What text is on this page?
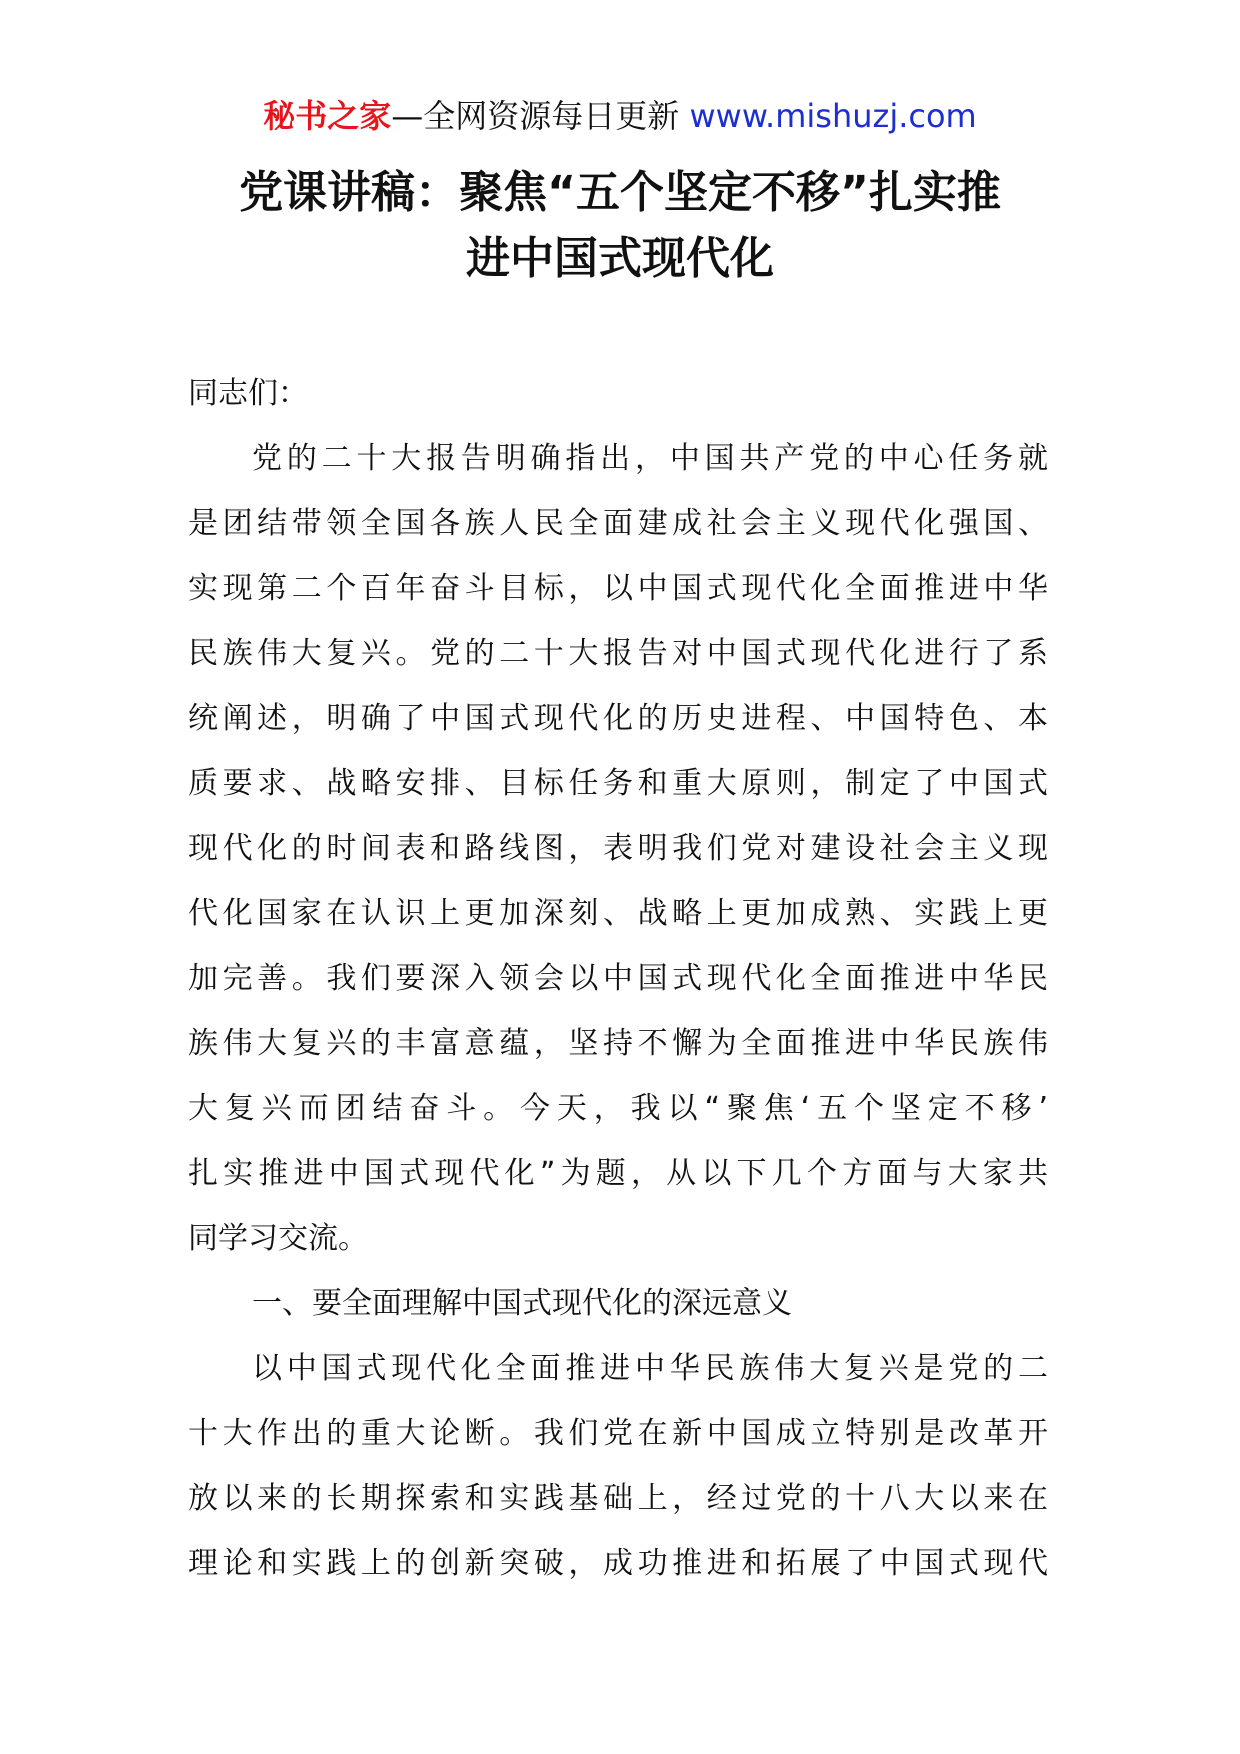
秘书之家—全网资源每日更新 www.mishuzj.com
党课讲稿：聚焦“五个坚定不移”扎实推
进中国式现代化

同志们：

党的二十大报告明确指出，中国共产党的中心任务就
是团结带领全国各族人民全面建成社会主义现代化强国、
实现第二个百年奋斗目标，以中国式现代化全面推进中华
民族伟大复兴。党的二十大报告对中国式现代化进行了系
统阐述，明确了中国式现代化的历史进程、中国特色、本
质要求、战略安排、目标任务和重大原则，制定了中国式
现代化的时间表和路线图，表明我们党对建设社会主义现
代化国家在认识上更加深刻、战略上更加成熟、实践上更
加完善。我们要深入领会以中国式现代化全面推进中华民
族伟大复兴的丰富意蕴，坚持不懈为全面推进中华民族伟
大复兴而团结奋斗。今天，我以“聚焦‘五个坚定不移’
扎实推进中国式现代化”为题，从以下几个方面与大家共
同学习交流。

一、要全面理解中国式现代化的深远意义

以中国式现代化全面推进中华民族伟大复兴是党的二
十大作出的重大论断。我们党在新中国成立特别是改革开
放以来的长期探索和实践基础上，经过党的十八大以来在
理论和实践上的创新突破，成功推进和拓展了中国式现代
